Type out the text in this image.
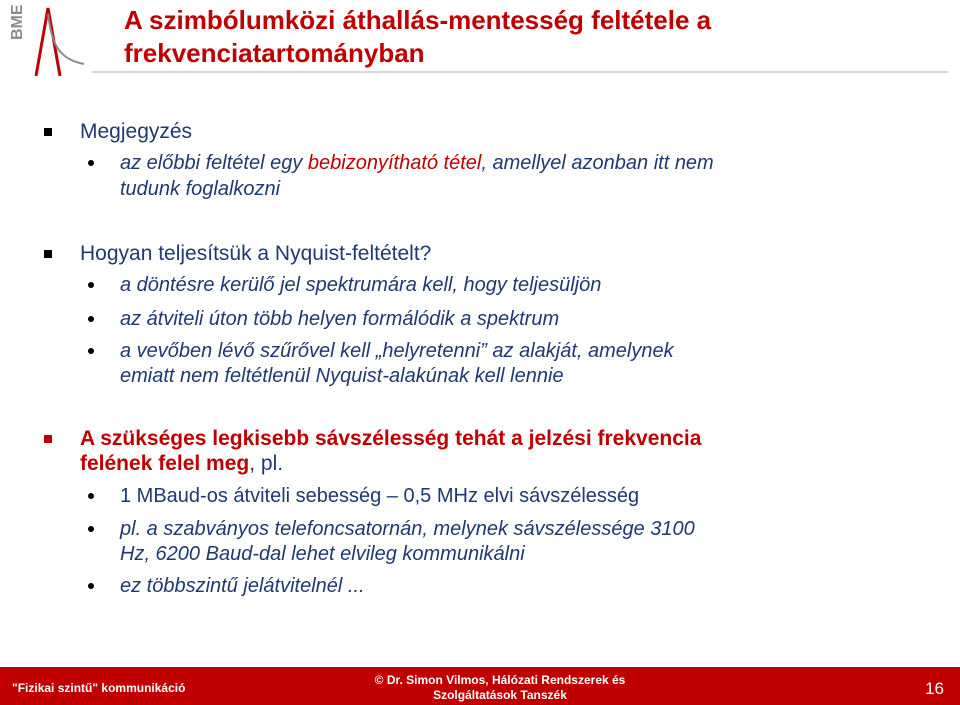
BME	A szimbólumközi áthallás-mentesség feltétele a frekvenciatartományban
Megjegyzés
az előbbi feltétel egy bebizonyítható tétel, amellyel azonban itt nem
tudunk foglalkozni
Hogyan teljesítsük a Nyquist-feltételt?
a döntésre kerülő jel spektrumára kell, hogy teljesüljön
az átviteli úton több helyen formálódik a spektrum
a vevőben lévő szűrővel kell „helyretenni” az alakját, amelynek
emiatt nem feltétlenül Nyquist-alakúnak kell lennie
A szükséges legkisebb sávszélesség tehát a jelzési frekvencia
felének felel meg, pl.
1 MBaud-os átviteli sebesség – 0,5 MHz elvi sávszélesség
pl. a szabványos telefoncsatornán, melynek sávszélessége 3100
Hz, 6200 Baud-dal lehet elvileg kommunikálni
ez többszintű jelátvitelnél ...
"Fizikai szintű" kommunikáció
© Dr. Simon Vilmos, Hálózati Rendszerek és
Szolgáltatások Tanszék	16
